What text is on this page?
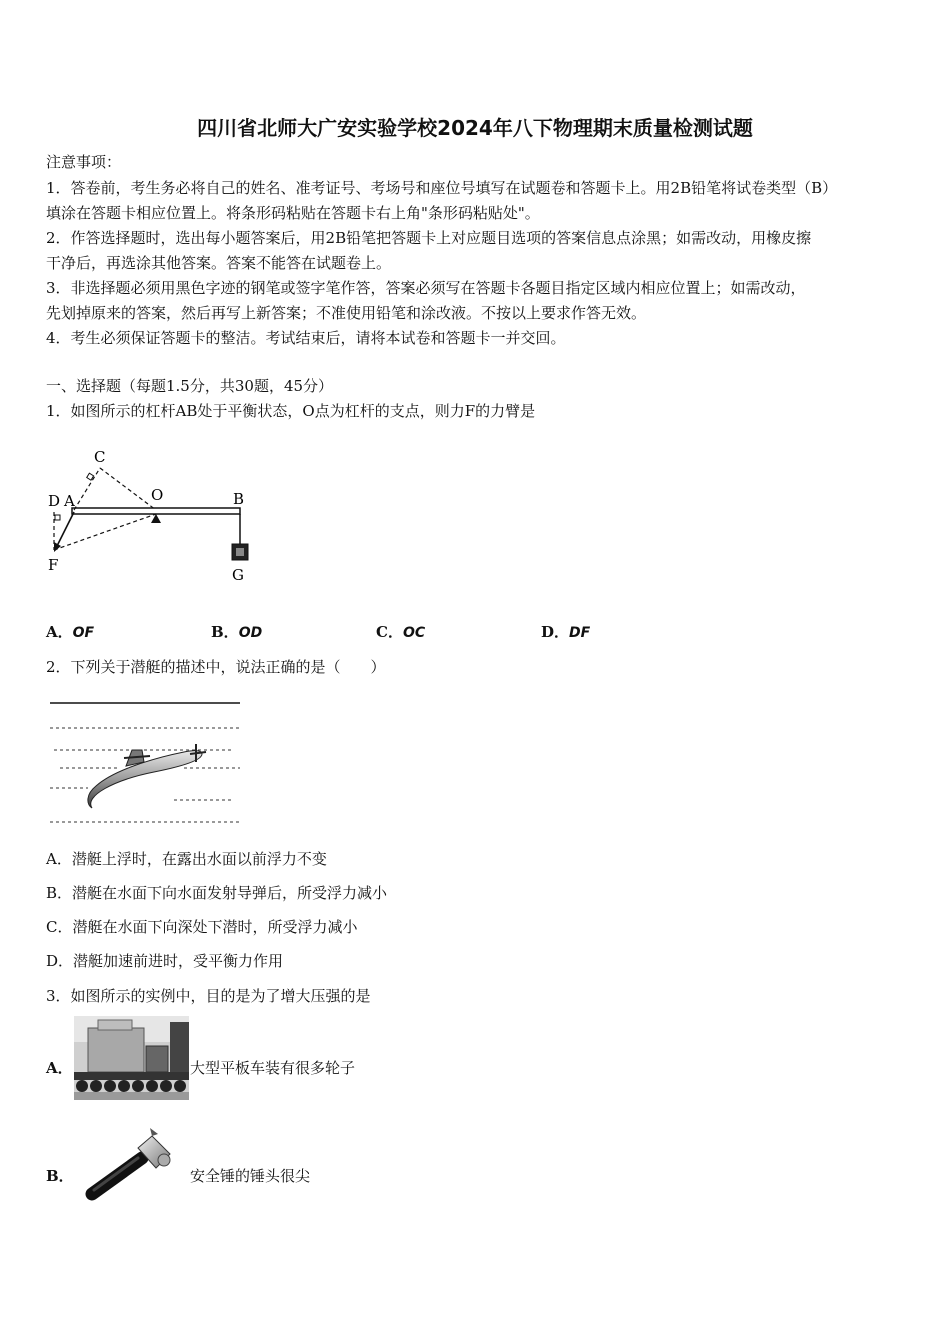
四川省北师大广安实验学校2024年八下物理期末质量检测试题
注意事项：
1．答卷前，考生务必将自己的姓名、准考证号、考场号和座位号填写在试题卷和答题卡上。用2B铅笔将试卷类型（B）
填涂在答题卡相应位置上。将条形码粘贴在答题卡右上角"条形码粘贴处"。
2．作答选择题时，选出每小题答案后，用2B铅笔把答题卡上对应题目选项的答案信息点涂黑；如需改动，用橡皮擦
干净后，再选涂其他答案。答案不能答在试题卷上。
3．非选择题必须用黑色字迹的钢笔或签字笔作答，答案必须写在答题卡各题目指定区域内相应位置上；如需改动，
先划掉原来的答案，然后再写上新答案；不准使用铅笔和涂改液。不按以上要求作答无效。
4．考生必须保证答题卡的整洁。考试结束后，请将本试卷和答题卡一并交回。
一、选择题（每题1.5分，共30题，45分）
1．如图所示的杠杆AB处于平衡状态，O点为杠杆的支点，则力F的力臂是
C
D A	O	B
F
G
A．OF	B．OD	C．OC	D．DF
2．下列关于潜艇的描述中，说法正确的是（　　）
A．潜艇上浮时，在露出水面以前浮力不变
B．潜艇在水面下向水面发射导弹后，所受浮力减小
C．潜艇在水面下向深处下潜时，所受浮力减小
D．潜艇加速前进时，受平衡力作用
3．如图所示的实例中，目的是为了增大压强的是
A．	大型平板车装有很多轮子
B．	安全锤的锤头很尖
